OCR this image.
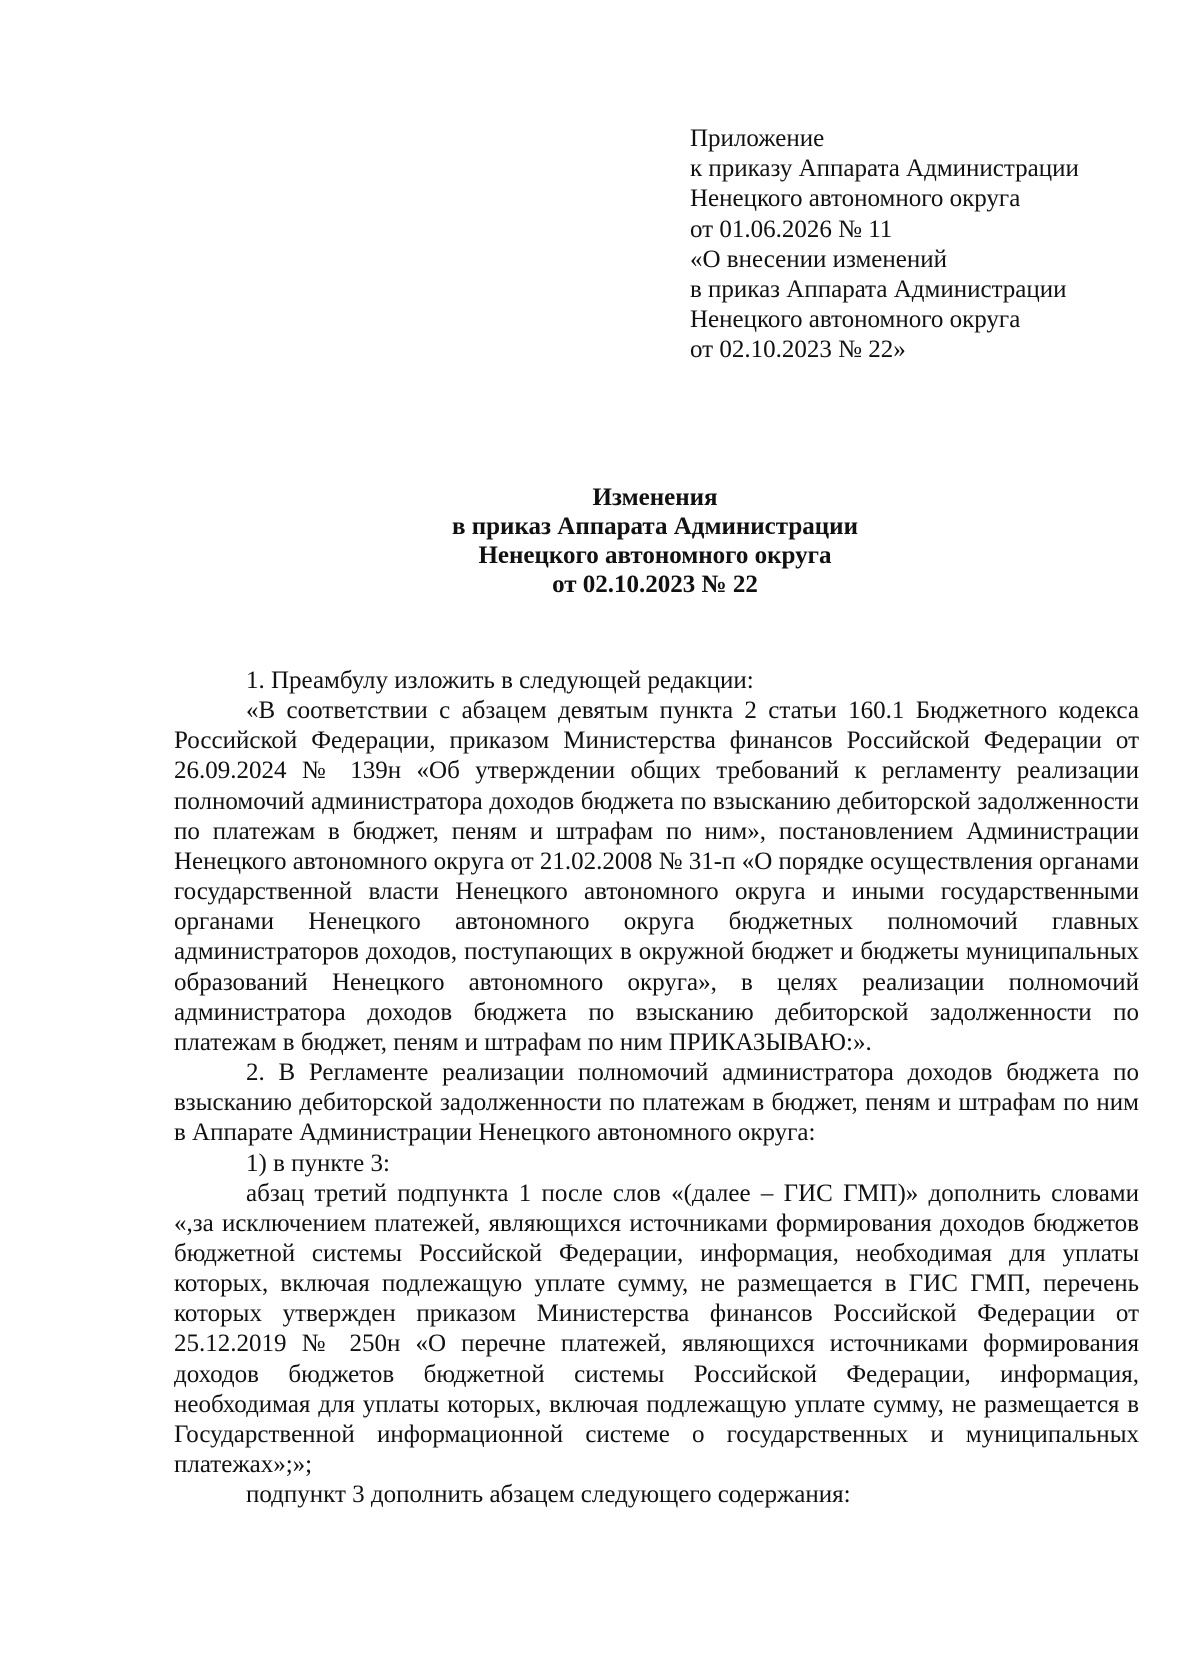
Приложение
к приказу Аппарата Администрации
Ненецкого автономного округа
от 01.06.2026 № 11
«О внесении изменений
в приказ Аппарата Администрации
Ненецкого автономного округа
от 02.10.2023 № 22»
Изменения
в приказ Аппарата Администрации
Ненецкого автономного округа
от 02.10.2023 № 22

1. Преамбулу изложить в следующей редакции:

«В соответствии с абзацем девятым пункта 2 статьи 160.1 Бюджетного кодекса Российской Федерации, приказом Министерства финансов Российской Федерации от 26.09.2024 № 139н «Об утверждении общих требований к регламенту реализации полномочий администратора доходов бюджета по взысканию дебиторской задолженности по платежам в бюджет, пеням и штрафам по ним», постановлением Администрации Ненецкого автономного округа от 21.02.2008 № 31-п «О порядке осуществления органами государственной власти Ненецкого автономного округа и иными государственными органами Ненецкого автономного округа бюджетных полномочий главных администраторов доходов, поступающих в окружной бюджет и бюджеты муниципальных образований Ненецкого автономного округа», в целях реализации полномочий администратора доходов бюджета по взысканию дебиторской задолженности по платежам в бюджет, пеням и штрафам по ним ПРИКАЗЫВАЮ:».

2. В Регламенте реализации полномочий администратора доходов бюджета по взысканию дебиторской задолженности по платежам в бюджет, пеням и штрафам по ним в Аппарате Администрации Ненецкого автономного округа:

1) в пункте 3:

абзац третий подпункта 1 после слов «(далее – ГИС ГМП)» дополнить словами «,за исключением платежей, являющихся источниками формирования доходов бюджетов бюджетной системы Российской Федерации, информация, необходимая для уплаты которых, включая подлежащую уплате сумму, не размещается в ГИС ГМП, перечень которых утвержден приказом Министерства финансов Российской Федерации от 25.12.2019 № 250н «О перечне платежей, являющихся источниками формирования доходов бюджетов бюджетной системы Российской Федерации, информация, необходимая для уплаты которых, включая подлежащую уплате сумму, не размещается в Государственной информационной системе о государственных и муниципальных платежах»;»;

подпункт 3 дополнить абзацем следующего содержания:
